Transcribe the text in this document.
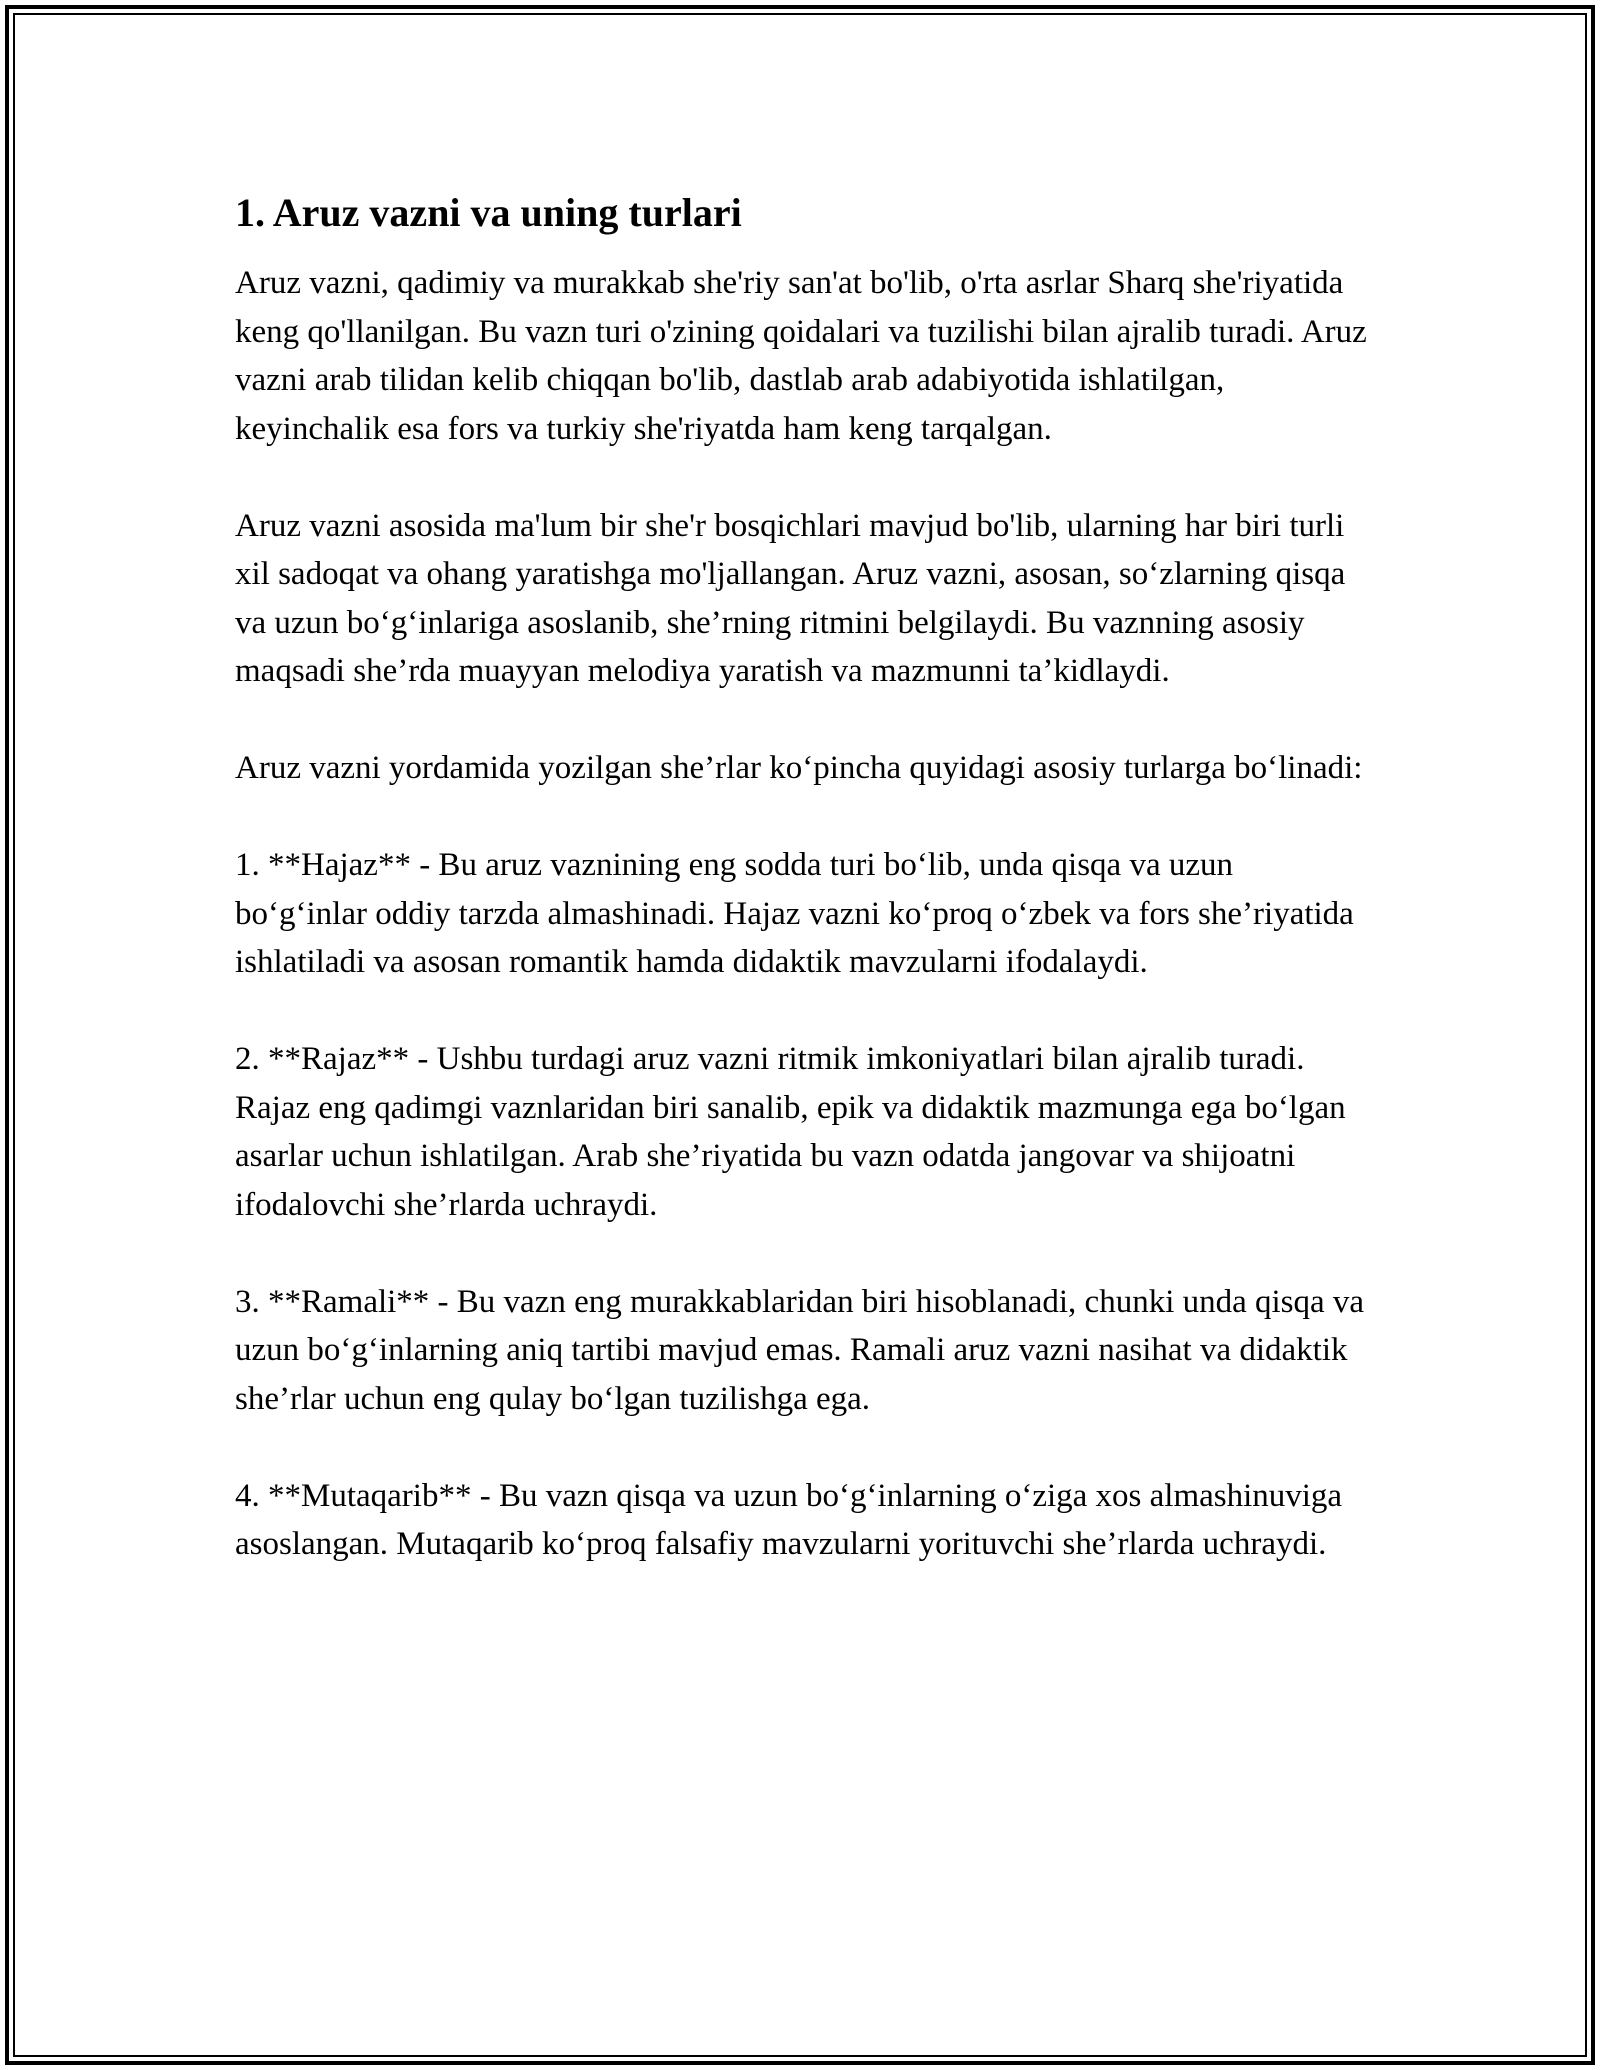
1. Aruz vazni va uning turlari

Aruz vazni, qadimiy va murakkab she'riy san'at bo'lib, o'rta asrlar Sharq she'riyatida keng qo'llanilgan. Bu vazn turi o'zining qoidalari va tuzilishi bilan ajralib turadi. Aruz vazni arab tilidan kelib chiqqan bo'lib, dastlab arab adabiyotida ishlatilgan, keyinchalik esa fors va turkiy she'riyatda ham keng tarqalgan.

Aruz vazni asosida ma'lum bir she'r bosqichlari mavjud bo'lib, ularning har biri turli xil sadoqat va ohang yaratishga mo'ljallangan. Aruz vazni, asosan, so‘zlarning qisqa va uzun bo‘g‘inlariga asoslanib, she’rning ritmini belgilaydi. Bu vaznning asosiy maqsadi she’rda muayyan melodiya yaratish va mazmunni ta’kidlaydi.

Aruz vazni yordamida yozilgan she’rlar ko‘pincha quyidagi asosiy turlarga bo‘linadi:

1. **Hajaz** - Bu aruz vaznining eng sodda turi bo‘lib, unda qisqa va uzun bo‘g‘inlar oddiy tarzda almashinadi. Hajaz vazni ko‘proq o‘zbek va fors she’riyatida ishlatiladi va asosan romantik hamda didaktik mavzularni ifodalaydi.

2. **Rajaz** - Ushbu turdagi aruz vazni ritmik imkoniyatlari bilan ajralib turadi. Rajaz eng qadimgi vaznlaridan biri sanalib, epik va didaktik mazmunga ega bo‘lgan asarlar uchun ishlatilgan. Arab she’riyatida bu vazn odatda jangovar va shijoatni ifodalovchi she’rlarda uchraydi.

3. **Ramali** - Bu vazn eng murakkablaridan biri hisoblanadi, chunki unda qisqa va uzun bo‘g‘inlarning aniq tartibi mavjud emas. Ramali aruz vazni nasihat va didaktik she’rlar uchun eng qulay bo‘lgan tuzilishga ega.

4. **Mutaqarib** - Bu vazn qisqa va uzun bo‘g‘inlarning o‘ziga xos almashinuviga asoslangan. Mutaqarib ko‘proq falsafiy mavzularni yorituvchi she’rlarda uchraydi.
